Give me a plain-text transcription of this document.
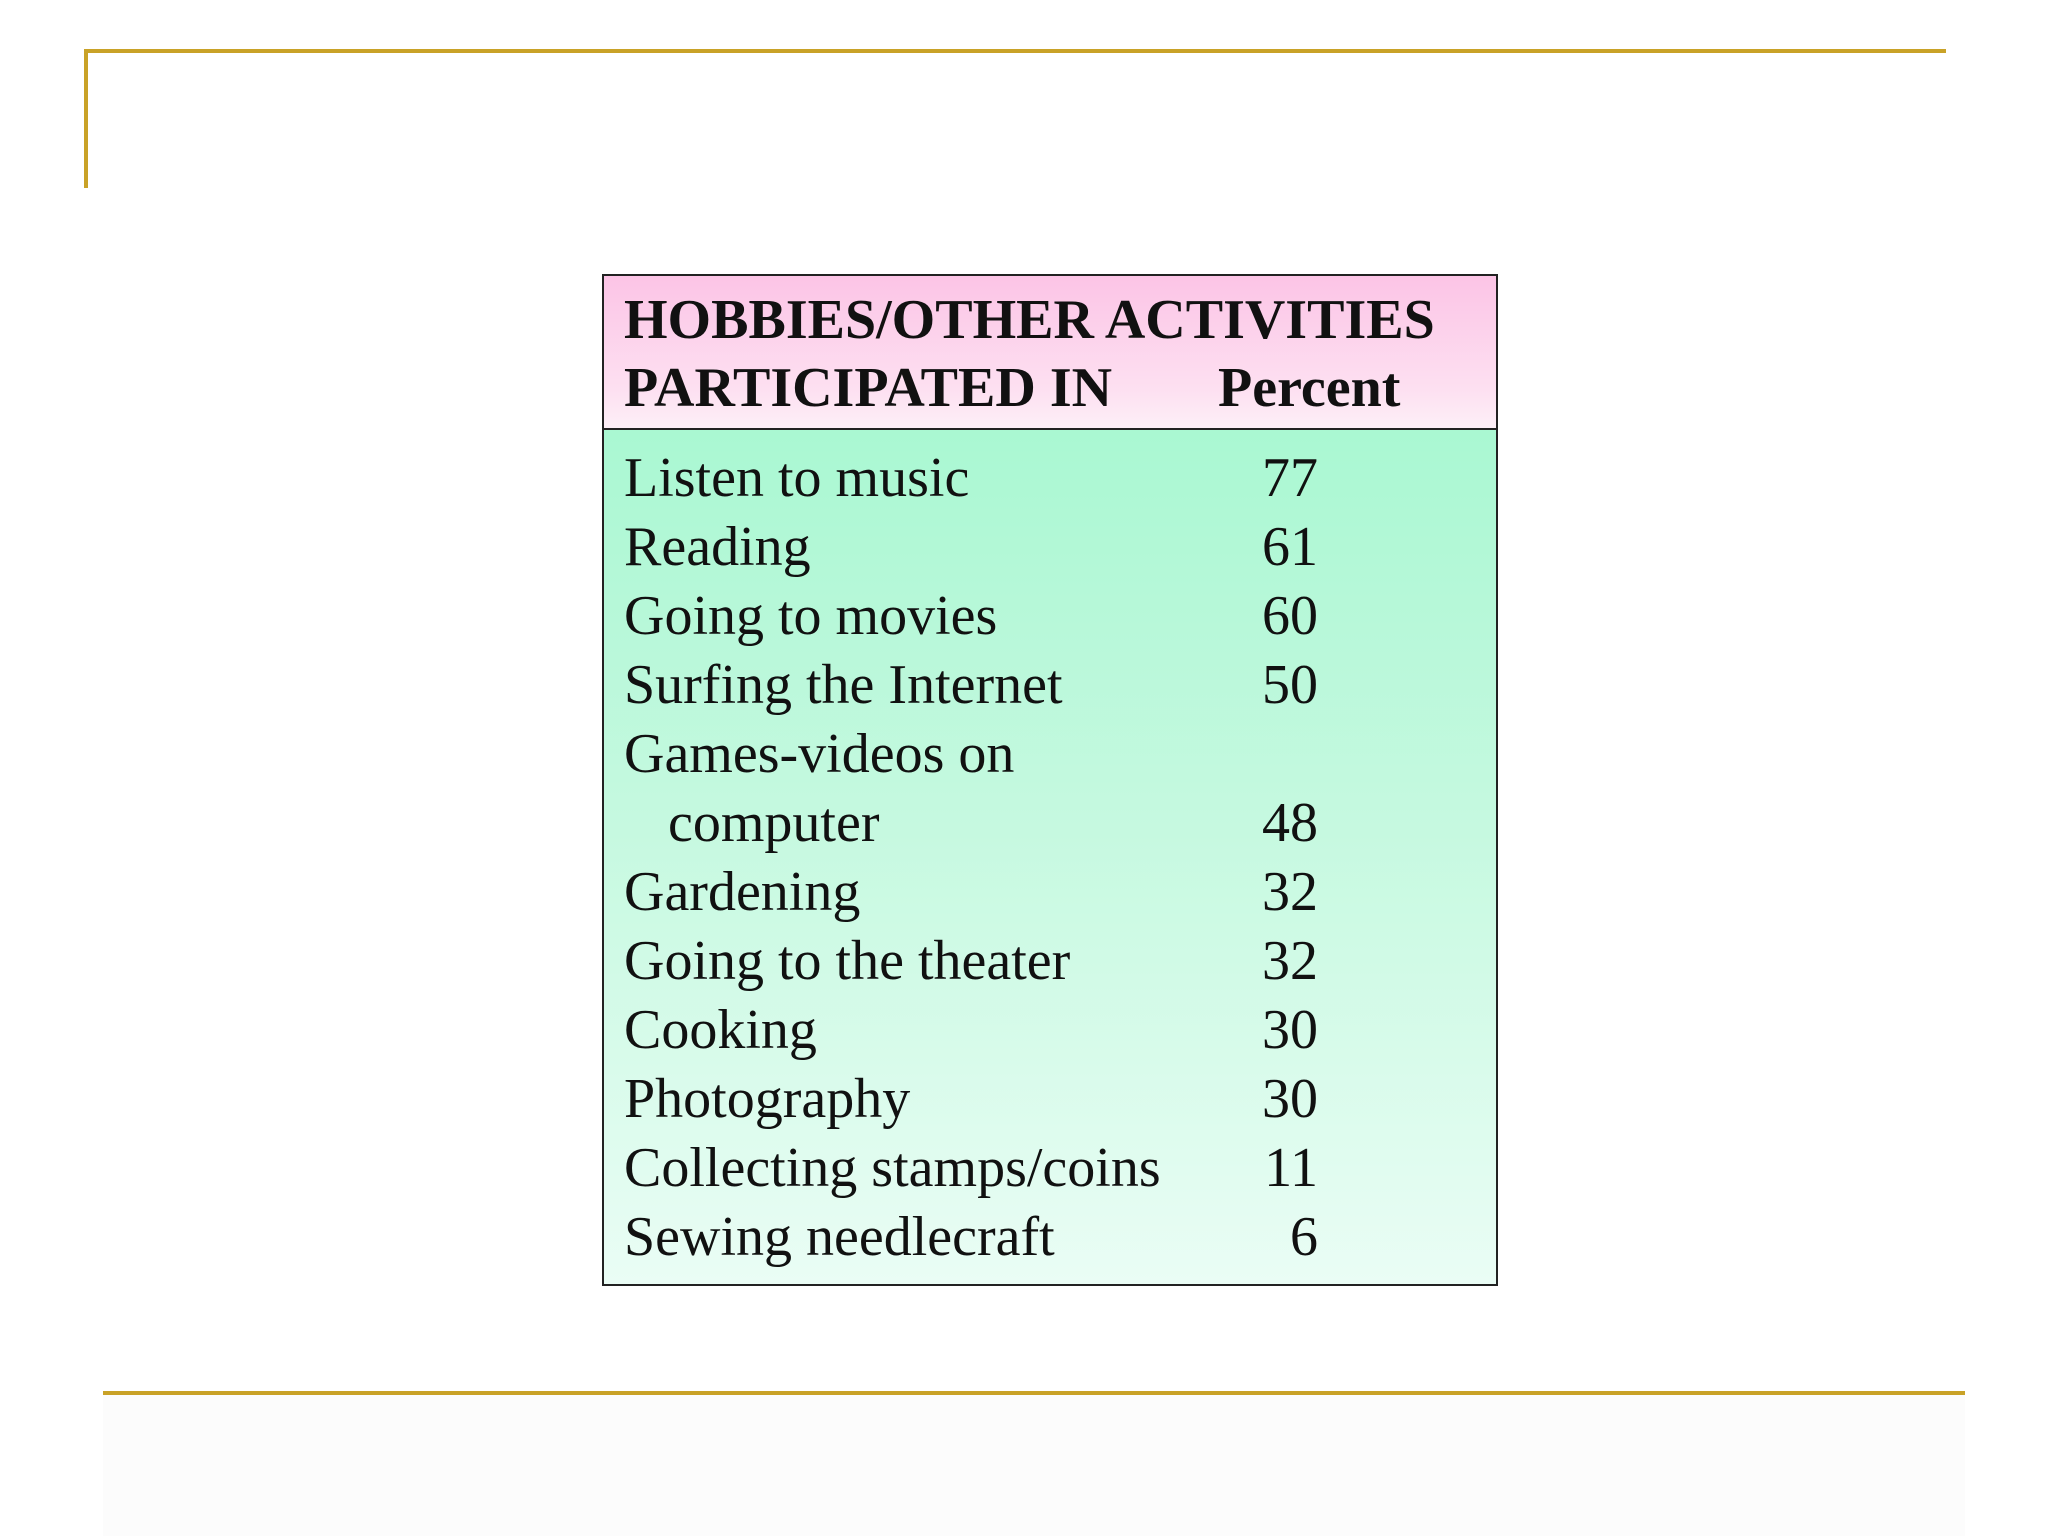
HOBBIES/OTHER ACTIVITIES
PARTICIPATED IN Percent
Listen to music	77
Reading	61
Going to movies	60
Surfing the Internet	50
Games-videos on
computer	48
Gardening	32
Going to the theater	32
Cooking	30
Photography	30
Collecting stamps/coins 11
Sewing needlecraft	6
